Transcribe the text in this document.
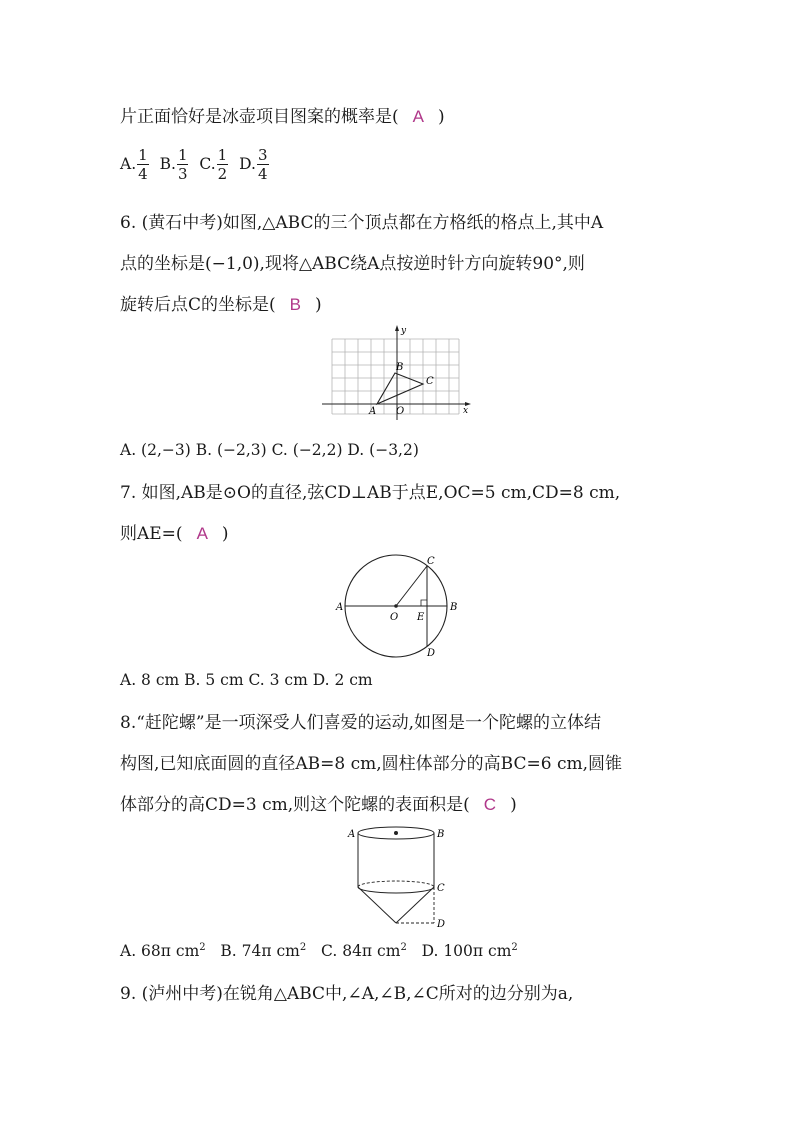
片正面恰好是冰壶项目图案的概率是( A )
A. $\frac{1}{4} B$. $\frac{1}{3} C$. $\frac{1}{2} D$. $\frac{3}{4}$
6. (黄石中考)如图,△ABC的三个顶点都在方格纸的格点上,其中A
点的坐标是(−1,0),现将△ABC绕A点按逆时针方向旋转90°,则
旋转后点C的坐标是( B )
y
x
A O
B
C
A. (2,−3) B. (−2,3) C. (−2,2) D. (−3,2)
7. 如图,AB是⊙O的直径,弦CD⊥AB于点E,OC=5 cm,CD=8 cm,
则AE=( A )
A	B
C
D
O E
A. 8 cm B. 5 cm C. 3 cm D. 2 cm
8.“赶陀螺”是一项深受人们喜爱的运动,如图是一个陀螺的立体结
构图,已知底面圆的直径AB=8 cm,圆柱体部分的高BC=6 cm,圆锥
体部分的高CD=3 cm,则这个陀螺的表面积是( C )
A	B
C
D
A. 68π $cm^2$ B. 74π $cm^2$ C. 84π $cm^2$ D. 100π $cm^2$
9. (泸州中考)在锐角△ABC中,∠A,∠B,∠C所对的边分别为a,
